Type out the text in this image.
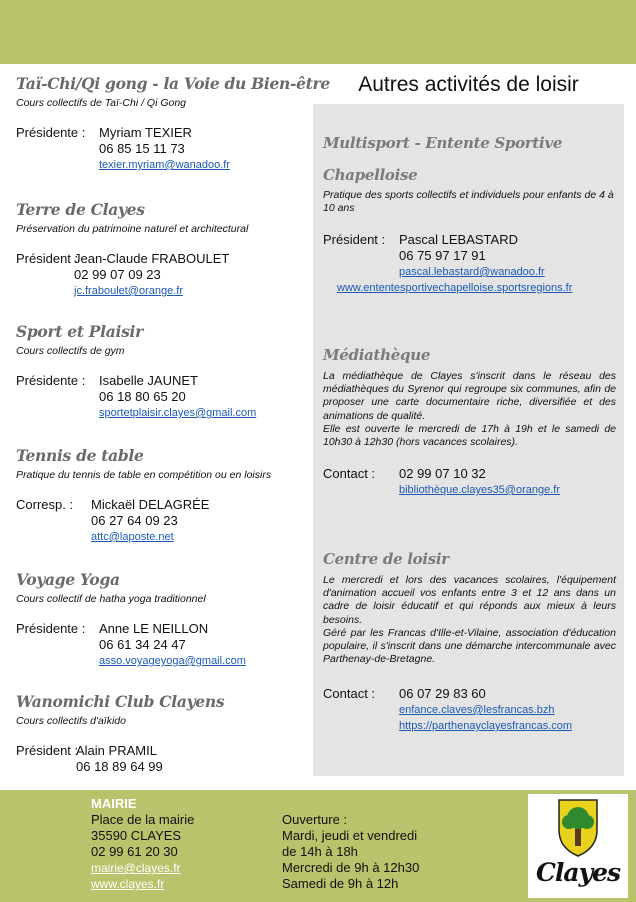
Taï-Chi/Qi gong - la Voie du Bien-être
Cours collectifs de Taï-Chi / Qi Gong
Présidente : Myriam TEXIER
06 85 15 11 73
texier.myriam@wanadoo.fr
Terre de Clayes
Préservation du patrimoine naturel et architectural
Président :
Jean-Claude FRABOULET
02 99 07 09 23
jc.fraboulet@orange.fr
Sport et Plaisir
Cours collectifs de gym
Présidente : Isabelle JAUNET
06 18 80 65 20
sportetplaisir.clayes@gmail.com
Tennis de table
Pratique du tennis de table en compétition ou en loisirs
Corresp. :	Mickaël DELAGRÉE
06 27 64 09 23
attc@laposte.net
Voyage Yoga
Cours collectif de hatha yoga traditionnel
Présidente : Anne LE NEILLON
06 61 34 24 47
asso.voyageyoga@gmail.com
Wanomichi Club Clayens
Cours collectifs d'aïkido
Président :
Alain PRAMIL
06 18 89 64 99
Autres activités de loisir
Multisport - Entente Sportive
Chapelloise
Pratique des sports collectifs et individuels pour enfants de 4 à 10 ans
Président :	Pascal LEBASTARD
06 75 97 17 91
pascal.lebastard@wanadoo.fr
www.ententesportivechapelloise.sportsregions.fr
Médiathèque
La médiathèque de Clayes s'inscrit dans le réseau des médiathèques du Syrenor qui regroupe six communes, afin de proposer une carte documentaire riche, diversifiée et des animations de qualité.
Elle est ouverte le mercredi de 17h à 19h et le samedi de 10h30 à 12h30 (hors vacances scolaires).
Contact :	02 99 07 10 32
bibliothèque.clayes35@orange.fr
Centre de loisir
Le mercredi et lors des vacances scolaires, l'équipement d'animation accueil vos enfants entre 3 et 12 ans dans un cadre de loisir éducatif et qui réponds aux mieux à leurs besoins.
Géré par les Francas d'Ille-et-Vilaine, association d'éducation populaire, il s'inscrit dans une démarche intercommunale avec Parthenay-de-Bretagne.
Contact :	06 07 29 83 60
enfance.claves@lesfrancas.bzh
https://parthenayclayesfrancas.com
MAIRIE
Place de la mairie
35590 CLAYES
02 99 61 20 30
mairie@clayes.fr
www.clayes.fr
Ouverture :
Mardi, jeudi et vendredi
de 14h à 18h
Mercredi de 9h à 12h30
Samedi de 9h à 12h	Clayes
